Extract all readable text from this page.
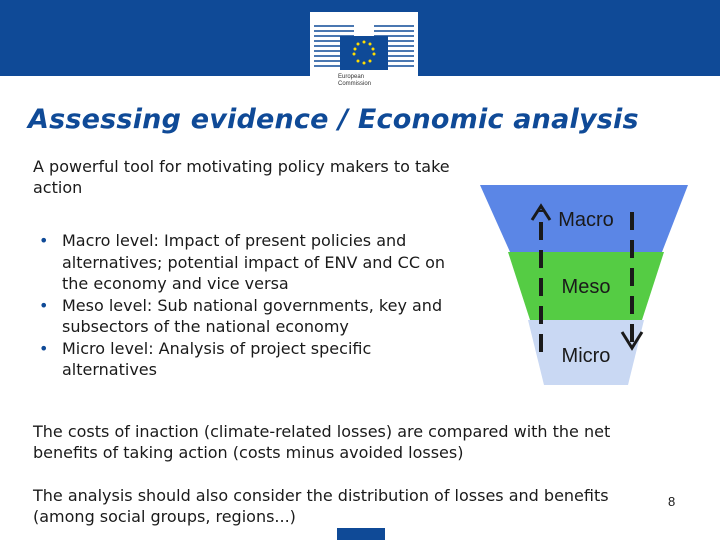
European
Commission
Assessing evidence / Economic analysis
A powerful tool for motivating policy makers to take action
• Macro level: Impact of present policies and alternatives; potential impact of ENV and CC on the economy and vice versa
• Meso level: Sub national governments, key and subsectors of the national economy
• Micro level: Analysis of project specific alternatives
Macro
Meso
Micro
The costs of inaction (climate-related losses) are compared with the net benefits of taking action (costs minus avoided losses)
The analysis should also consider the distribution of losses and benefits (among social groups, regions...)
8
